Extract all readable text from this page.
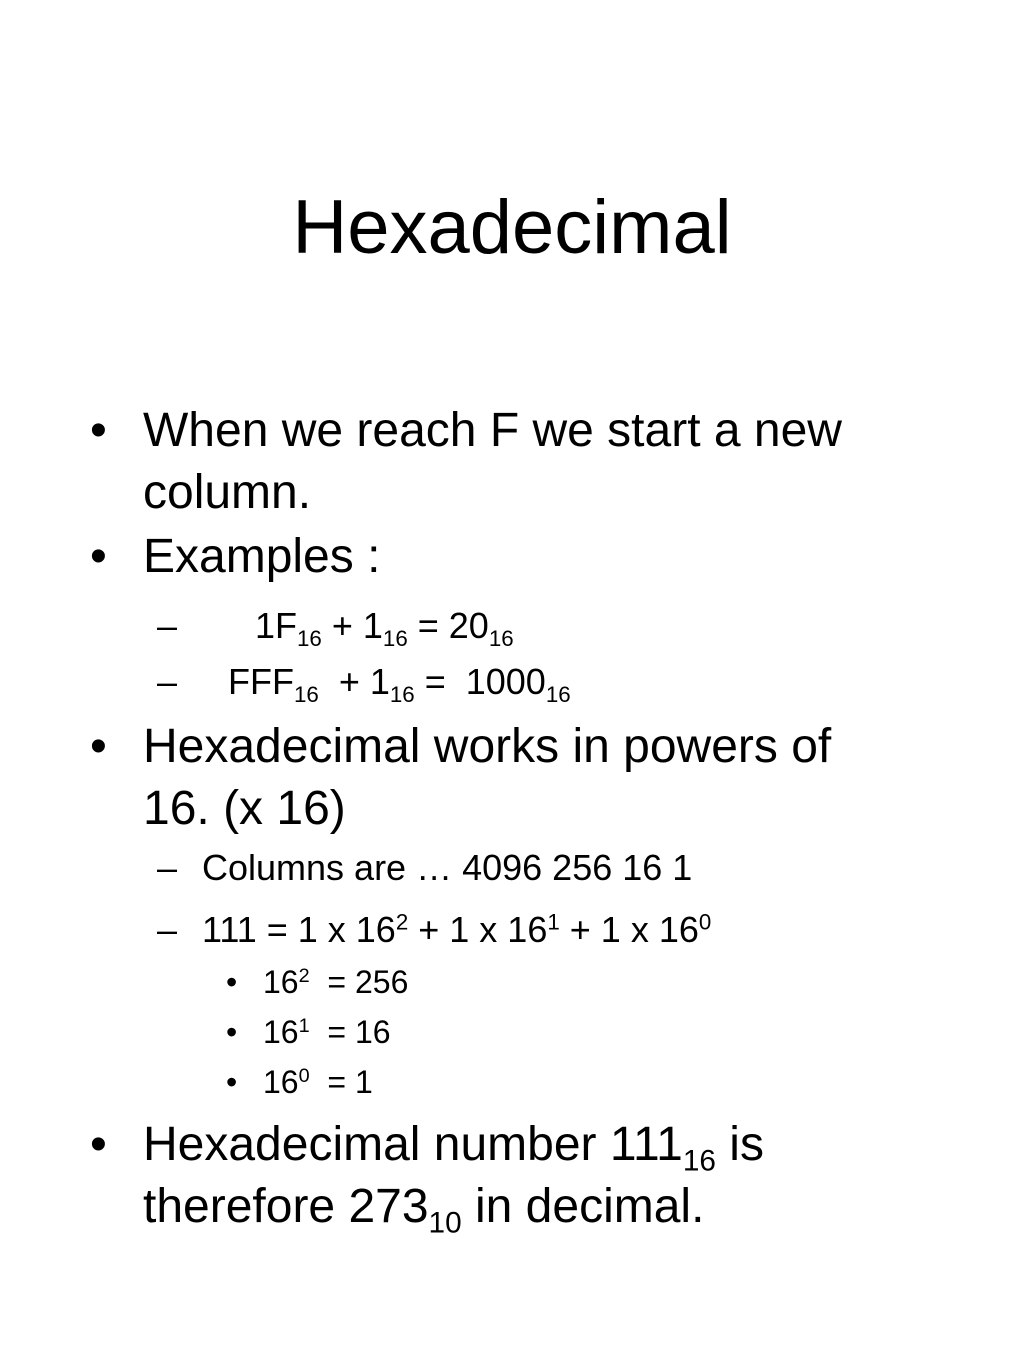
Hexadecimal
• When we reach F we start a new
column.
• Examples :

–

$1F_{16} + 1_{16} = 20_{16}$

–

$FFF_{16} + 1_{16} = 1000_{16}$

• Hexadecimal works in powers of
16. (x 16)

–

Columns are … 4096 256 16 1

–

111 = 1 x $16^2 + 1$ x $16^1 + 1$ x $16^0$

•

$16^2 = 256$

•

$16^1 = 16$

•

$16^0 = 1$

• Hexadecimal number $111_{16}$ is
therefore $273_{10}$ in decimal.
